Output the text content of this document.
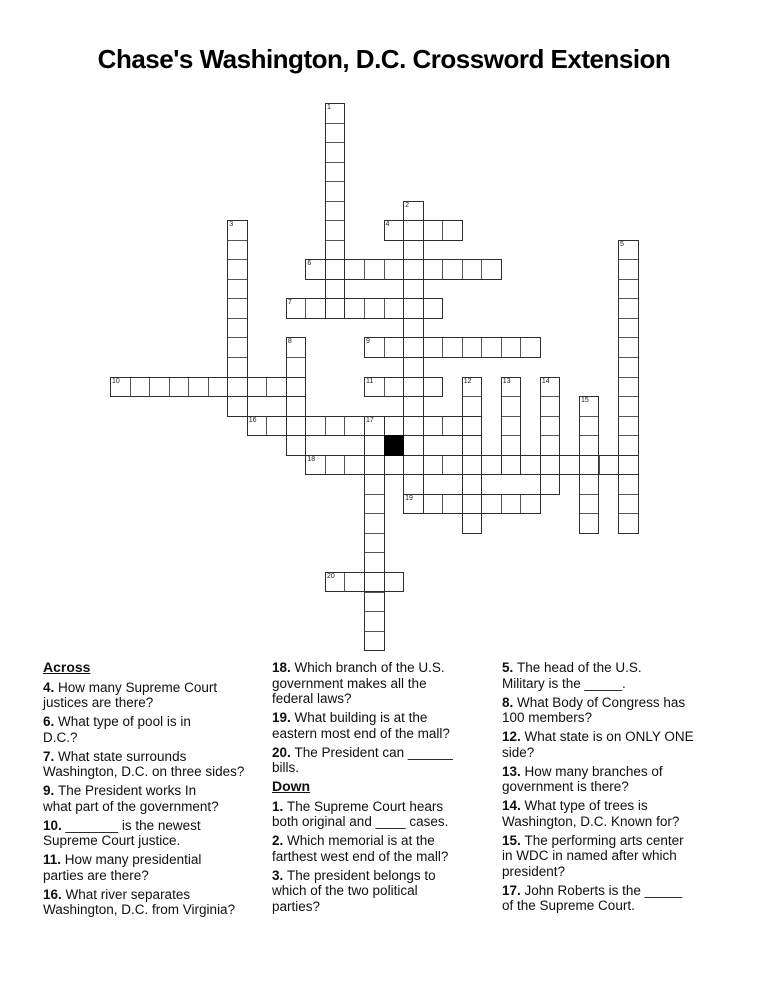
Chase's Washington, D.C. Crossword Extension
1
2
19
3	4
5
6
7
8	9
10	11	12	13	14
15
16	17
18
20
Across
4. How many Supreme Court
justices are there?
6. What type of pool is in
D.C.?
7. What state surrounds
Washington, D.C. on three sides?
9. The President works In
what part of the government?
10. _______ is the newest
Supreme Court justice.
11. How many presidential
parties are there?
16. What river separates
Washington, D.C. from Virginia?
18. Which branch of the U.S.
government makes all the
federal laws?
19. What building is at the
eastern most end of the mall?
20. The President can ______
bills.
Down
1. The Supreme Court hears
both original and ____ cases.
2. Which memorial is at the
farthest west end of the mall?
3. The president belongs to
which of the two political
parties?
5. The head of the U.S.
Military is the _____.
8. What Body of Congress has
100 members?
12. What state is on ONLY ONE
side?
13. How many branches of
government is there?
14. What type of trees is
Washington, D.C. Known for?
15. The performing arts center
in WDC in named after which
president?
17. John Roberts is the _____
of the Supreme Court.
